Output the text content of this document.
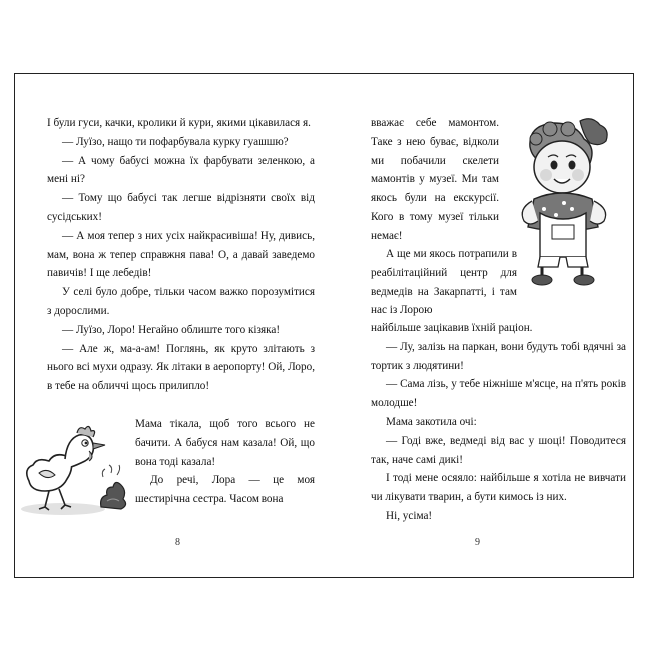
І були гуси, качки, кролики й кури, якими цікавилася я.

— Луїзо, нащо ти пофарбувала курку гуашшю?

— А чому бабусі можна їх фарбувати зеленкою, а мені ні?

— Тому що бабусі так легше відрізняти своїх від сусідських!

— А моя тепер з них усіх найкрасивіша! Ну, дивись, мам, вона ж тепер справжня пава! О, а давай заведемо павичів! І ще лебедів!

У селі було добре, тільки часом важко порозумітися з дорослими.

— Луїзо, Лоро! Негайно облиште того кізяка!

— Але ж, ма-а-ам! Поглянь, як круто злітають з нього всі мухи одразу. Як літаки в аеропорту! Ой, Лоро, в тебе на обличчі щось прилипло!

Мама тікала, щоб того всього не бачити. А бабуся нам казала! Ой, що вона тоді казала!

До речі, Лора — це моя шестирічна сестра. Часом вона

8

вважає себе мамонтом. Таке з нею буває, відколи ми побачили скелети мамонтів у музеї. Ми там якось були на екскурсії. Кого в тому музеї тільки немає!

А ще ми якось потрапили в реабілітаційний центр для ведмедів на Закарпатті, і там нас із Лорою

найбільше зацікавив їхній раціон.

— Лу, залізь на паркан, вони будуть тобі вдячні за тортик з людятини!

— Сама лізь, у тебе ніжніше м'ясце, на п'ять років молодше!

Мама закотила очі:

— Годі вже, ведмеді від вас у шоці! Поводитеся так, наче самі дикі!

І тоді мене осяяло: найбільше я хотіла не вивчати чи лікувати тварин, а бути кимось із них.

Ні, усіма!

9
